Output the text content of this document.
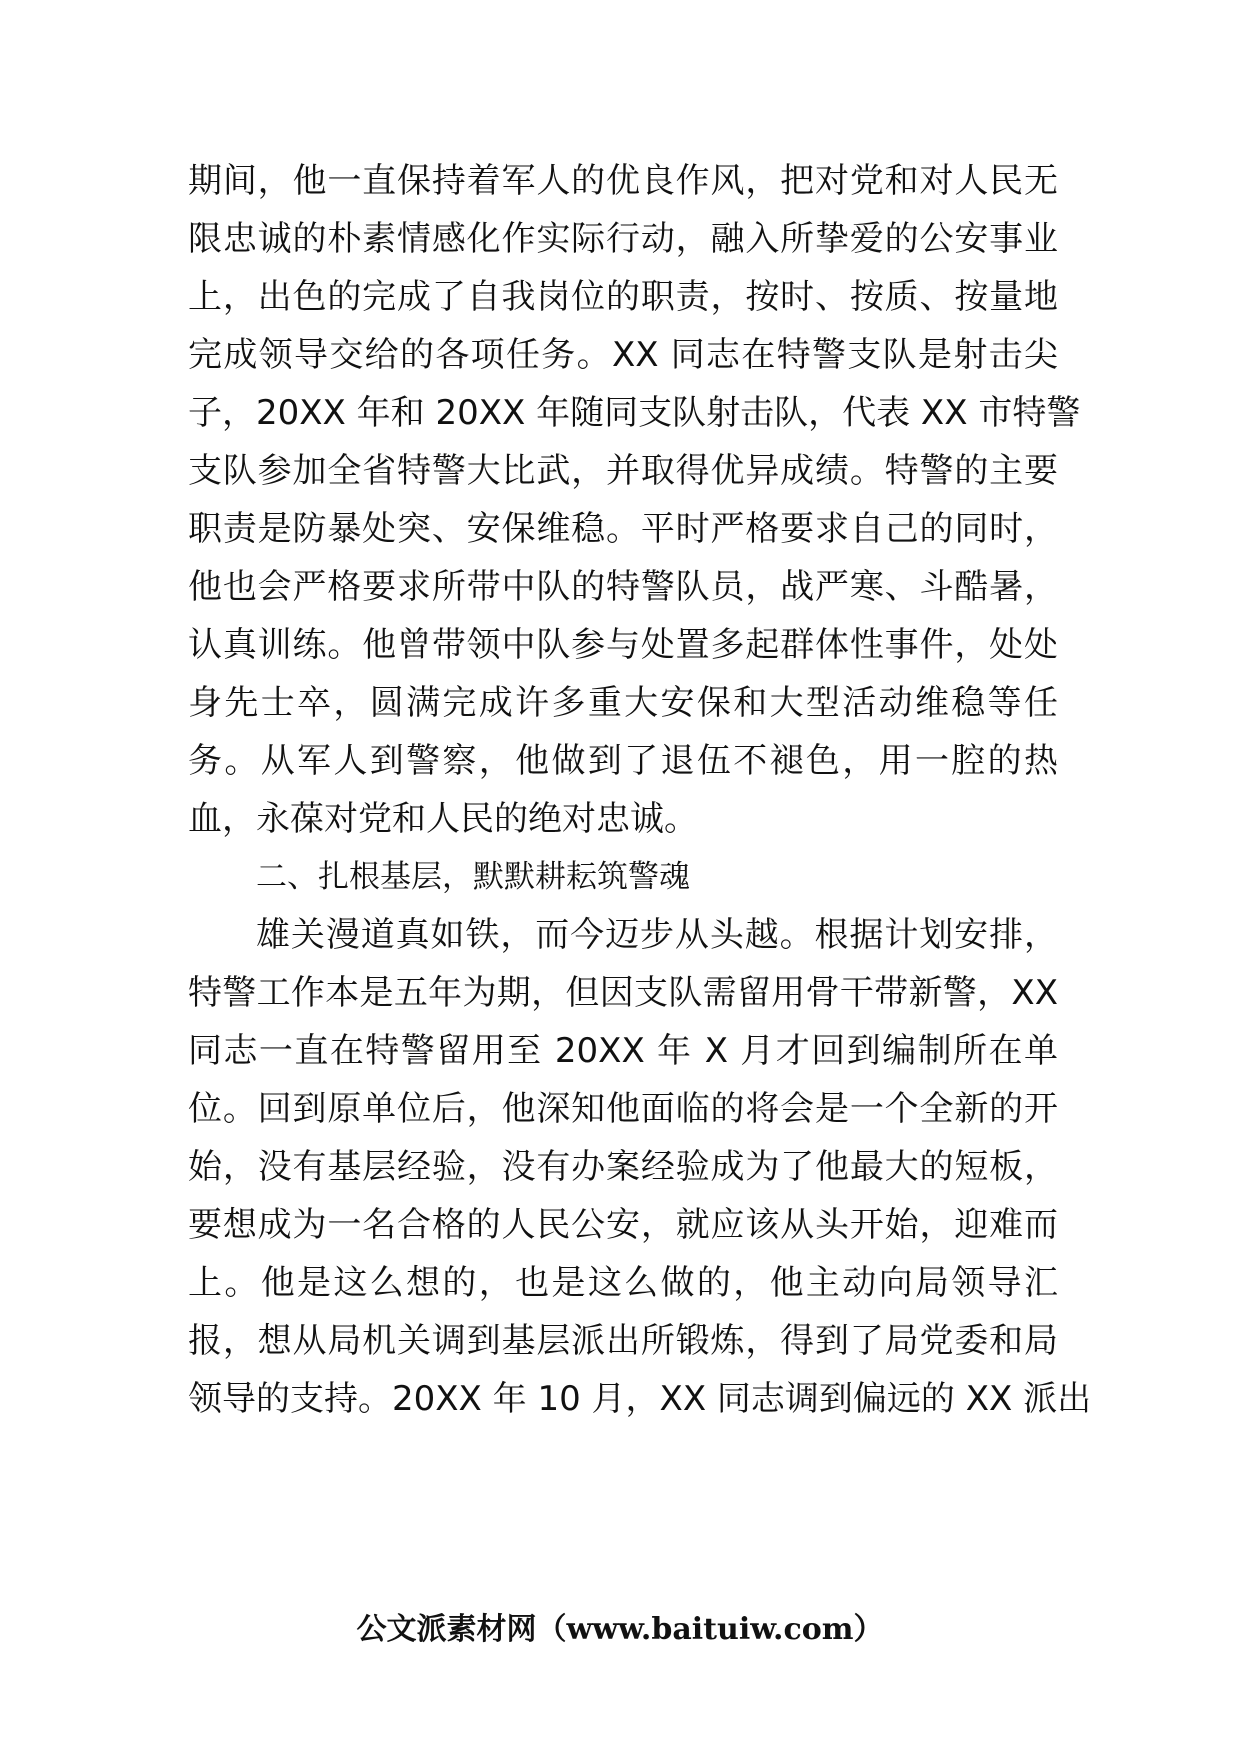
期间，他一直保持着军人的优良作风，把对党和对人民无
限忠诚的朴素情感化作实际行动，融入所挚爱的公安事业
上，出色的完成了自我岗位的职责，按时、按质、按量地
完成领导交给的各项任务。XX 同志在特警支队是射击尖
子，20XX 年和 20XX 年随同支队射击队，代表 XX 市特警
支队参加全省特警大比武，并取得优异成绩。特警的主要
职责是防暴处突、安保维稳。平时严格要求自己的同时，
他也会严格要求所带中队的特警队员，战严寒、斗酷暑，
认真训练。他曾带领中队参与处置多起群体性事件，处处
身先士卒，圆满完成许多重大安保和大型活动维稳等任
务。从军人到警察，他做到了退伍不褪色，用一腔的热
血，永葆对党和人民的绝对忠诚。
二、扎根基层，默默耕耘筑警魂
雄关漫道真如铁，而今迈步从头越。根据计划安排，
特警工作本是五年为期，但因支队需留用骨干带新警，XX
同志一直在特警留用至 20XX 年 X 月才回到编制所在单
位。回到原单位后，他深知他面临的将会是一个全新的开
始，没有基层经验，没有办案经验成为了他最大的短板，
要想成为一名合格的人民公安，就应该从头开始，迎难而
上。他是这么想的，也是这么做的，他主动向局领导汇
报，想从局机关调到基层派出所锻炼，得到了局党委和局
领导的支持。20XX 年 10 月，XX 同志调到偏远的 XX 派出
公文派素材网（www.baituiw.com）
